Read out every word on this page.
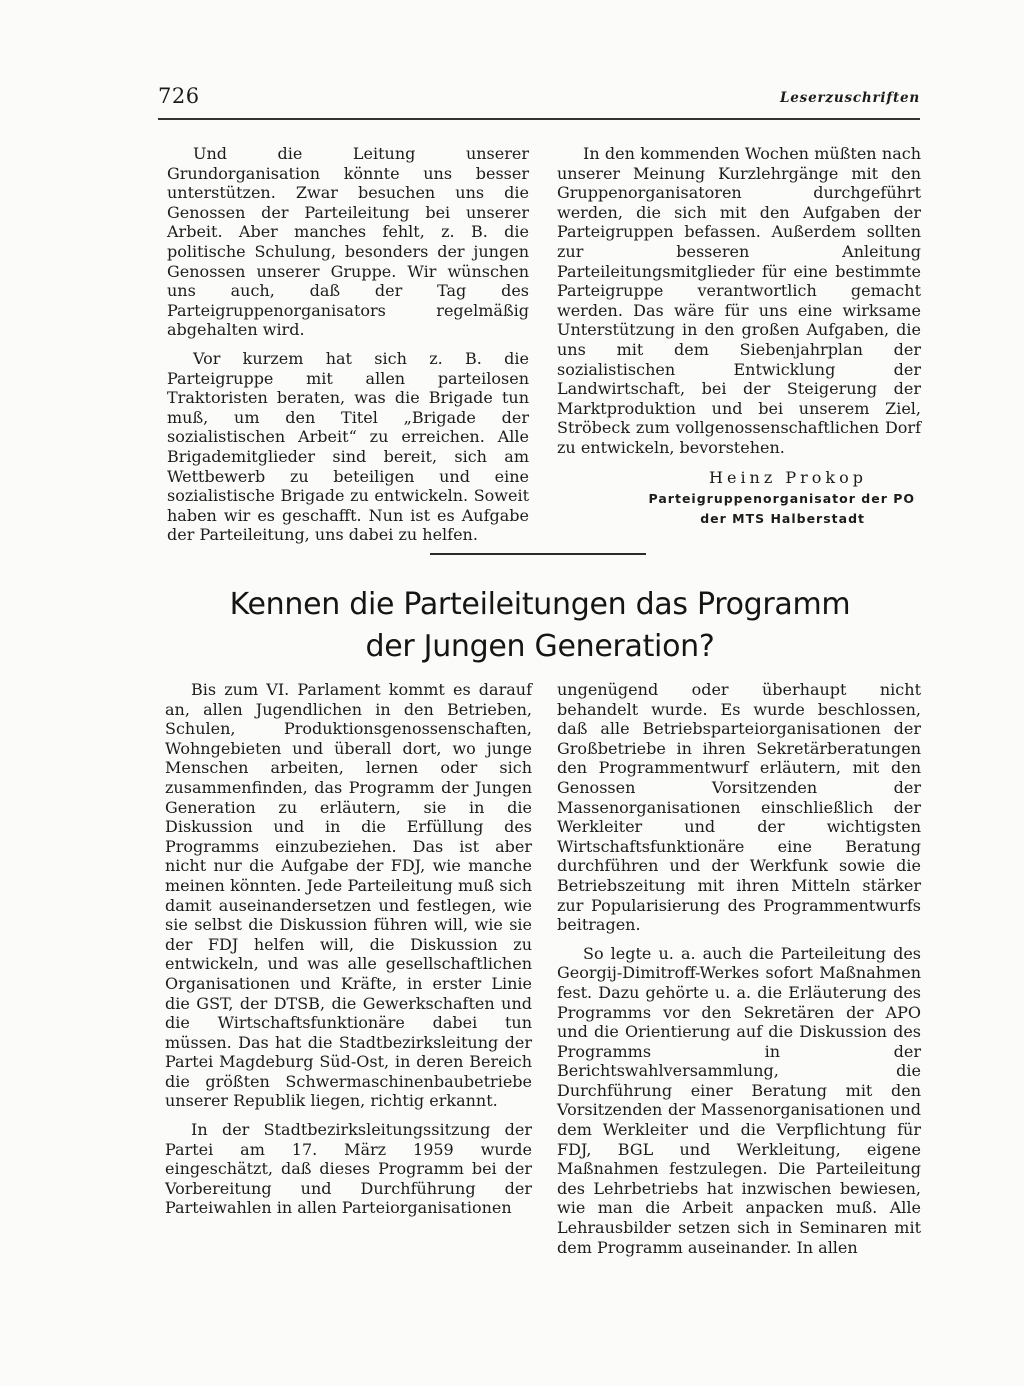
726	Leserzuschriften

Und die Leitung unserer Grundorganisation könnte uns besser unterstützen. Zwar besuchen uns die Genossen der Parteileitung bei unserer Arbeit. Aber manches fehlt, z. B. die politische Schulung, besonders der jungen Genossen unserer Gruppe. Wir wünschen uns auch, daß der Tag des Parteigruppenorganisators regelmäßig abgehalten wird.

Vor kurzem hat sich z. B. die Parteigruppe mit allen parteilosen Traktoristen beraten, was die Brigade tun muß, um den Titel „Brigade der sozialistischen Arbeit“ zu erreichen. Alle Brigademitglieder sind bereit, sich am Wettbewerb zu beteiligen und eine sozialistische Brigade zu entwickeln. Soweit haben wir es geschafft. Nun ist es Aufgabe der Parteileitung, uns dabei zu helfen.

In den kommenden Wochen müßten nach unserer Meinung Kurzlehrgänge mit den Gruppenorganisatoren durchgeführt werden, die sich mit den Aufgaben der Parteigruppen befassen. Außerdem sollten zur besseren Anleitung Parteileitungsmitglieder für eine bestimmte Parteigruppe verantwortlich gemacht werden. Das wäre für uns eine wirksame Unterstützung in den großen Aufgaben, die uns mit dem Siebenjahrplan der sozialistischen Entwicklung der Landwirtschaft, bei der Steigerung der Marktproduktion und bei unserem Ziel, Ströbeck zum vollgenossenschaftlichen Dorf zu entwickeln, bevorstehen.

Heinz Prokop
Parteigruppenorganisator der PO
der MTS Halberstadt
Kennen die Parteileitungen das Programm
der Jungen Generation?

Bis zum VI. Parlament kommt es darauf an, allen Jugendlichen in den Betrieben, Schulen, Produktionsgenossenschaften, Wohngebieten und überall dort, wo junge Menschen arbeiten, lernen oder sich zusammenfinden, das Programm der Jungen Generation zu erläutern, sie in die Diskussion und in die Erfüllung des Programms einzubeziehen. Das ist aber nicht nur die Aufgabe der FDJ, wie manche meinen könnten. Jede Parteileitung muß sich damit auseinandersetzen und festlegen, wie sie selbst die Diskussion führen will, wie sie der FDJ helfen will, die Diskussion zu entwickeln, und was alle gesellschaftlichen Organisationen und Kräfte, in erster Linie die GST, der DTSB, die Gewerkschaften und die Wirtschaftsfunktionäre dabei tun müssen. Das hat die Stadtbezirksleitung der Partei Magdeburg Süd-Ost, in deren Bereich die größten Schwermaschinenbaubetriebe unserer Republik liegen, richtig erkannt.

In der Stadtbezirksleitungssitzung der Partei am 17. März 1959 wurde eingeschätzt, daß dieses Programm bei der Vorbereitung und Durchführung der Parteiwahlen in allen Parteiorganisationen

ungenügend oder überhaupt nicht behandelt wurde. Es wurde beschlossen, daß alle Betriebsparteiorganisationen der Großbetriebe in ihren Sekretärberatungen den Programmentwurf erläutern, mit den Genossen Vorsitzenden der Massenorganisationen einschließlich der Werkleiter und der wichtigsten Wirtschaftsfunktionäre eine Beratung durchführen und der Werkfunk sowie die Betriebszeitung mit ihren Mitteln stärker zur Popularisierung des Programmentwurfs beitragen.

So legte u. a. auch die Parteileitung des Georgij-Dimitroff-Werkes sofort Maßnahmen fest. Dazu gehörte u. a. die Erläuterung des Programms vor den Sekretären der APO und die Orientierung auf die Diskussion des Programms in der Berichtswahlversammlung, die Durchführung einer Beratung mit den Vorsitzenden der Massenorganisationen und dem Werkleiter und die Verpflichtung für FDJ, BGL und Werkleitung, eigene Maßnahmen festzulegen. Die Parteileitung des Lehrbetriebs hat inzwischen bewiesen, wie man die Arbeit anpacken muß. Alle Lehrausbilder setzen sich in Seminaren mit dem Programm auseinander. In allen
